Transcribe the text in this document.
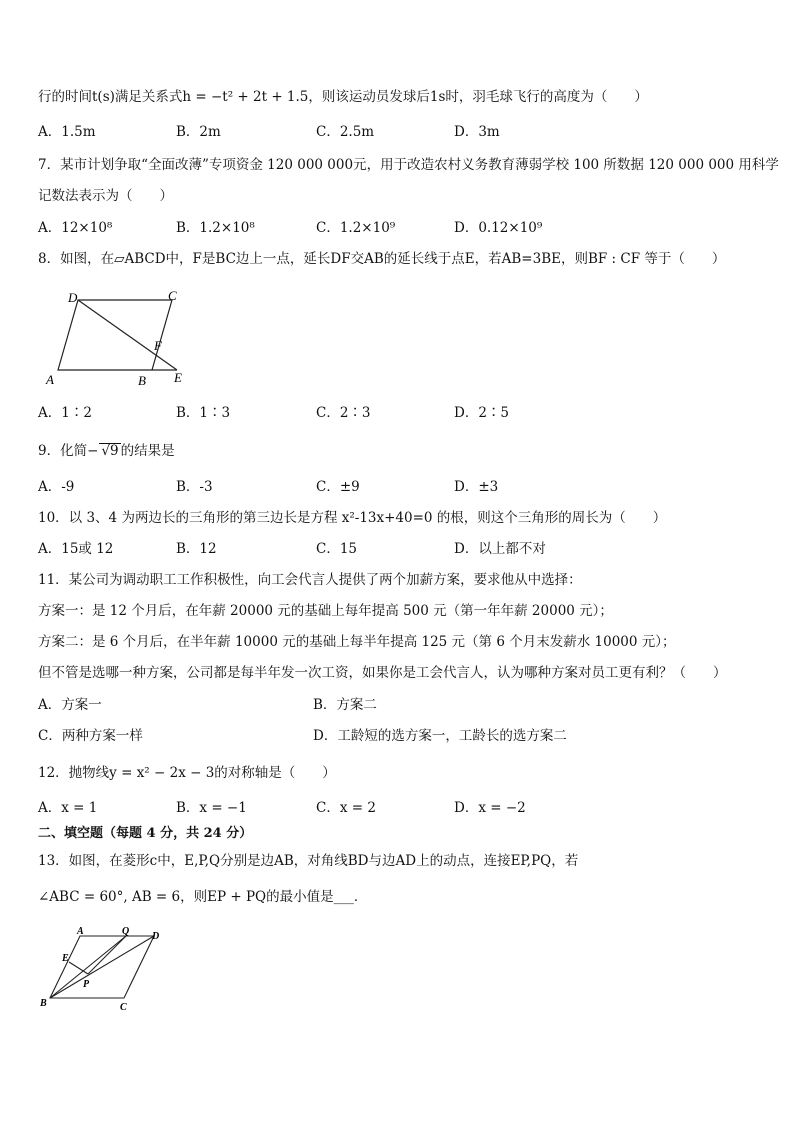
行的时间t(s)满足关系式h = −t² + 2t + 1.5，则该运动员发球后1s时，羽毛球飞行的高度为（　　）
A．1.5m	B．2m	C．2.5m	D．3m
7．某市计划争取“全面改薄”专项资金 120 000 000元，用于改造农村义务教育薄弱学校 100 所数据 120 000 000 用科学
记数法表示为（　　）
A．12×10⁸	B．1.2×10⁸	C．1.2×10⁹	D．0.12×10⁹
8．如图，在▱ABCD中，F是BC边上一点，延长DF交AB的延长线于点E，若AB=3BE，则BF : CF 等于（　　）
D	C
F
A	B E
A．1∶2	B．1∶3	C．2∶3	D．2∶5
9．化简− √9 的结果是
A．-9	B．-3	C．±9	D．±3
10．以 3、4 为两边长的三角形的第三边长是方程 x²-13x+40=0 的根，则这个三角形的周长为（　　）
A．15或 12	B．12	C．15	D．以上都不对
11．某公司为调动职工工作积极性，向工会代言人提供了两个加薪方案，要求他从中选择：
方案一：是 12 个月后，在年薪 20000 元的基础上每年提高 500 元（第一年年薪 20000 元）；
方案二：是 6 个月后，在半年薪 10000 元的基础上每半年提高 125 元（第 6 个月末发薪水 10000 元）；
但不管是选哪一种方案，公司都是每半年发一次工资，如果你是工会代言人，认为哪种方案对员工更有利？（　　）
A．方案一	B．方案二
C．两种方案一样	D．工龄短的选方案一，工龄长的选方案二
12．抛物线y = x² − 2x − 3的对称轴是（　　）
A．x = 1	B．x = −1	C．x = 2	D．x = −2
二、填空题（每题 4 分，共 24 分）
13．如图，在菱形c中，E,P,Q分别是边AB，对角线BD与边AD上的动点，连接EP,PQ，若
∠ABC = 60°, AB = 6，则EP + PQ的最小值是___．
A	Q D
E
P
B	C
